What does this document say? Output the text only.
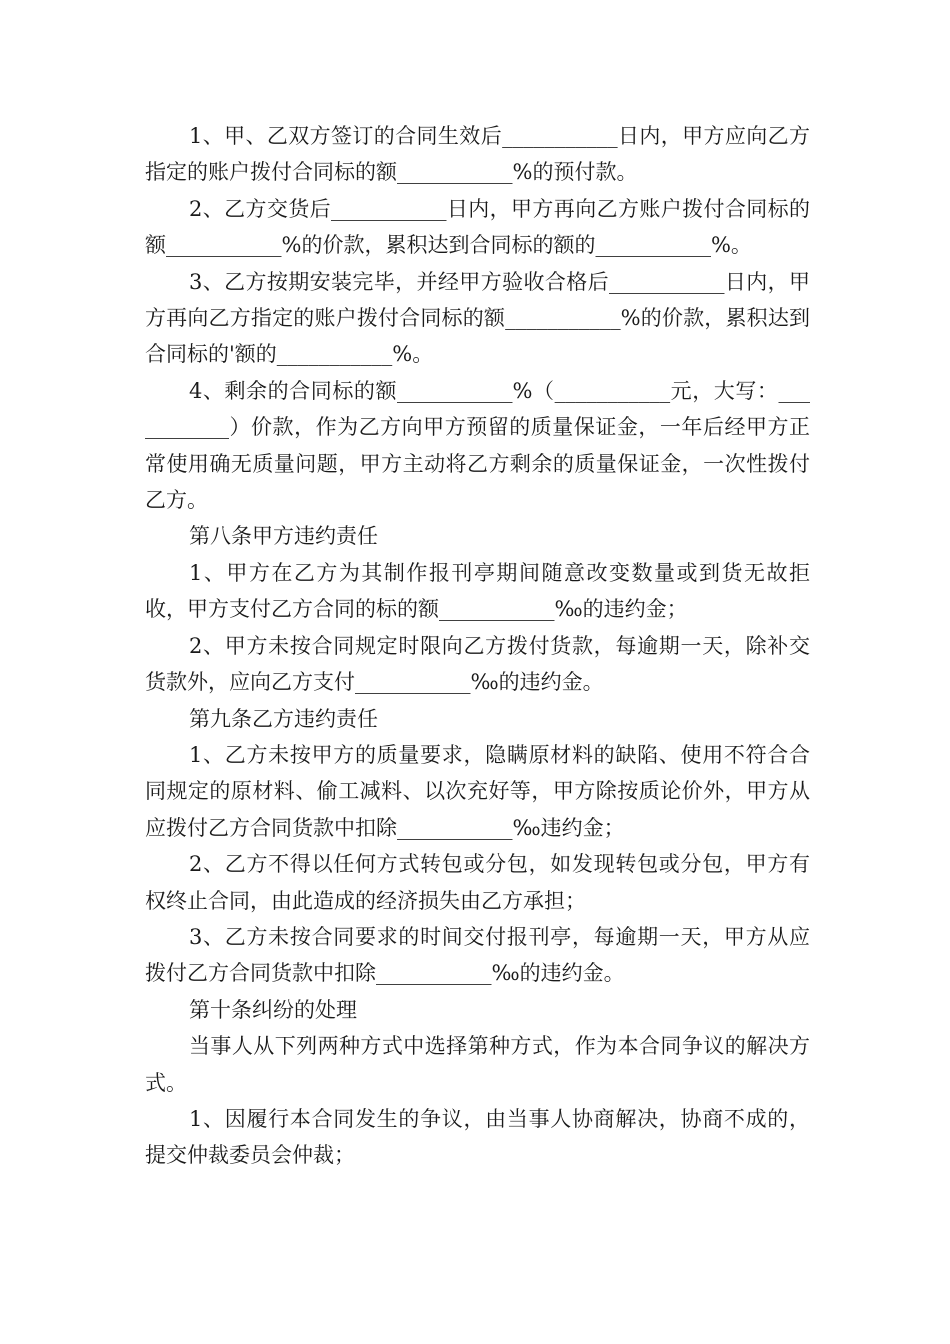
1、甲、乙双方签订的合同生效后___________日内，甲方应向乙方指定的账户拨付合同标的额___________%的预付款。

2、乙方交货后___________日内，甲方再向乙方账户拨付合同标的额___________%的价款，累积达到合同标的额的___________%。

3、乙方按期安装完毕，并经甲方验收合格后___________日内，甲方再向乙方指定的账户拨付合同标的额___________%的价款，累积达到合同标的'额的___________%。

4、剩余的合同标的额___________%（___________元，大写：___________）价款，作为乙方向甲方预留的质量保证金，一年后经甲方正常使用确无质量问题，甲方主动将乙方剩余的质量保证金，一次性拨付乙方。

第八条甲方违约责任

1、甲方在乙方为其制作报刊亭期间随意改变数量或到货无故拒收，甲方支付乙方合同的标的额___________‰的违约金；

2、甲方未按合同规定时限向乙方拨付货款，每逾期一天，除补交货款外，应向乙方支付___________‰的违约金。

第九条乙方违约责任

1、乙方未按甲方的质量要求，隐瞒原材料的缺陷、使用不符合合同规定的原材料、偷工减料、以次充好等，甲方除按质论价外，甲方从应拨付乙方合同货款中扣除___________‰违约金；

2、乙方不得以任何方式转包或分包，如发现转包或分包，甲方有权终止合同，由此造成的经济损失由乙方承担；

3、乙方未按合同要求的时间交付报刊亭，每逾期一天，甲方从应拨付乙方合同货款中扣除___________‰的违约金。

第十条纠纷的处理

当事人从下列两种方式中选择第种方式，作为本合同争议的解决方式。

1、因履行本合同发生的争议，由当事人协商解决，协商不成的，提交仲裁委员会仲裁；
